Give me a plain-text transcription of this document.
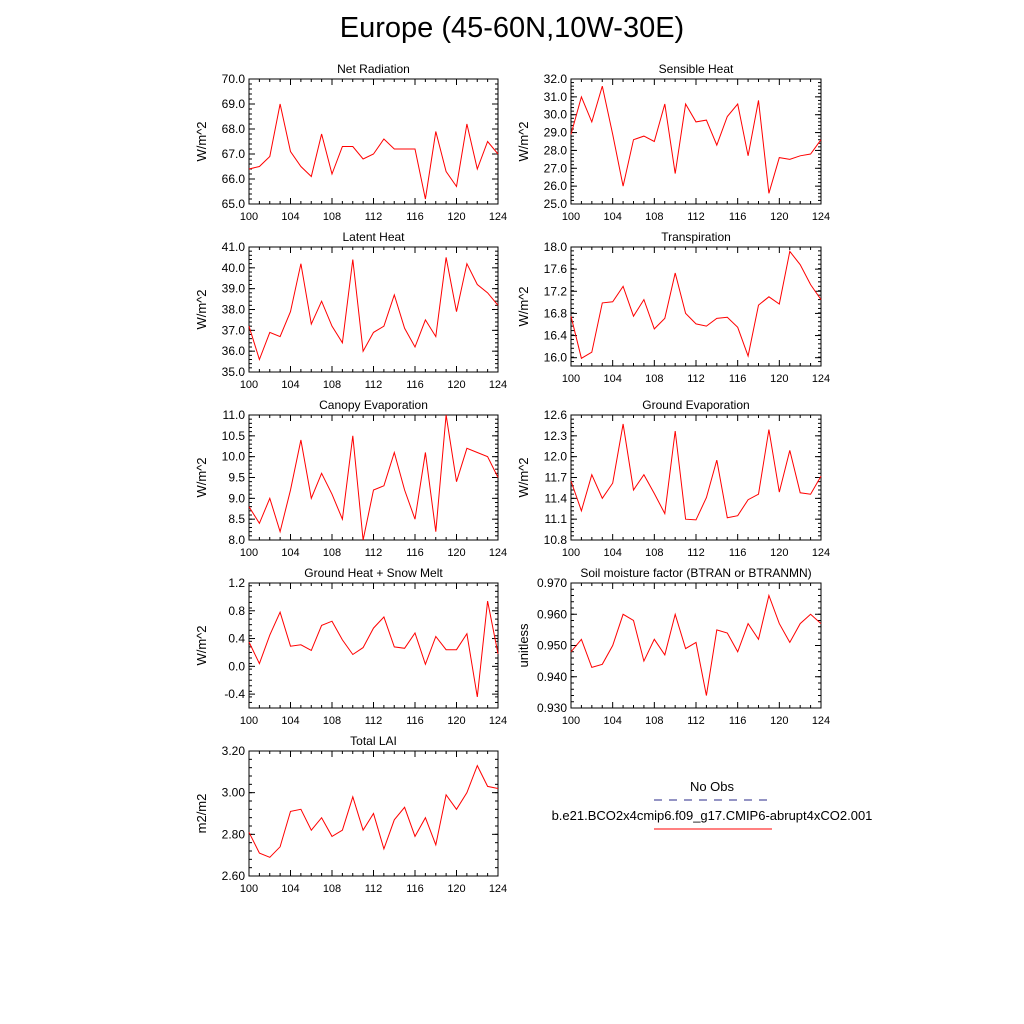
Europe (45-60N,10W-30E)
Net Radiation
W/m^2
100 104 108 112 116 120 124
65.0
66.0
67.0
68.0
69.0
70.0
Sensible Heat
W/m^2
100 104 108 112 116 120 124
25.0
26.0
27.0
28.0
29.0
30.0
31.0
32.0
Latent Heat
W/m^2
100 104 108 112 116 120 124
35.0
36.0
37.0
38.0
39.0
40.0
41.0
Transpiration
W/m^2
100 104 108 112 116 120 124
16.0
16.4
16.8
17.2
17.6
18.0
Canopy Evaporation
W/m^2
100 104 108 112 116 120 124
8.0
8.5
9.0
9.5
10.0
10.5
11.0
Ground Evaporation
W/m^2
100 104 108 112 116 120 124
10.8
11.1
11.4
11.7
12.0
12.3
12.6
Ground Heat + Snow Melt
W/m^2
100 104 108 112 116 120 124
-0.4
0.0
0.4
0.8
1.2
Soil moisture factor (BTRAN or BTRANMN)
unitless
100 104 108 112 116 120 124
0.930
0.940
0.950
0.960
0.970
Total LAI
m2/m2
100 104 108 112 116 120 124
2.60
2.80
3.00
3.20
No Obs
b.e21.BCO2x4cmip6.f09_g17.CMIP6-abrupt4xCO2.001
